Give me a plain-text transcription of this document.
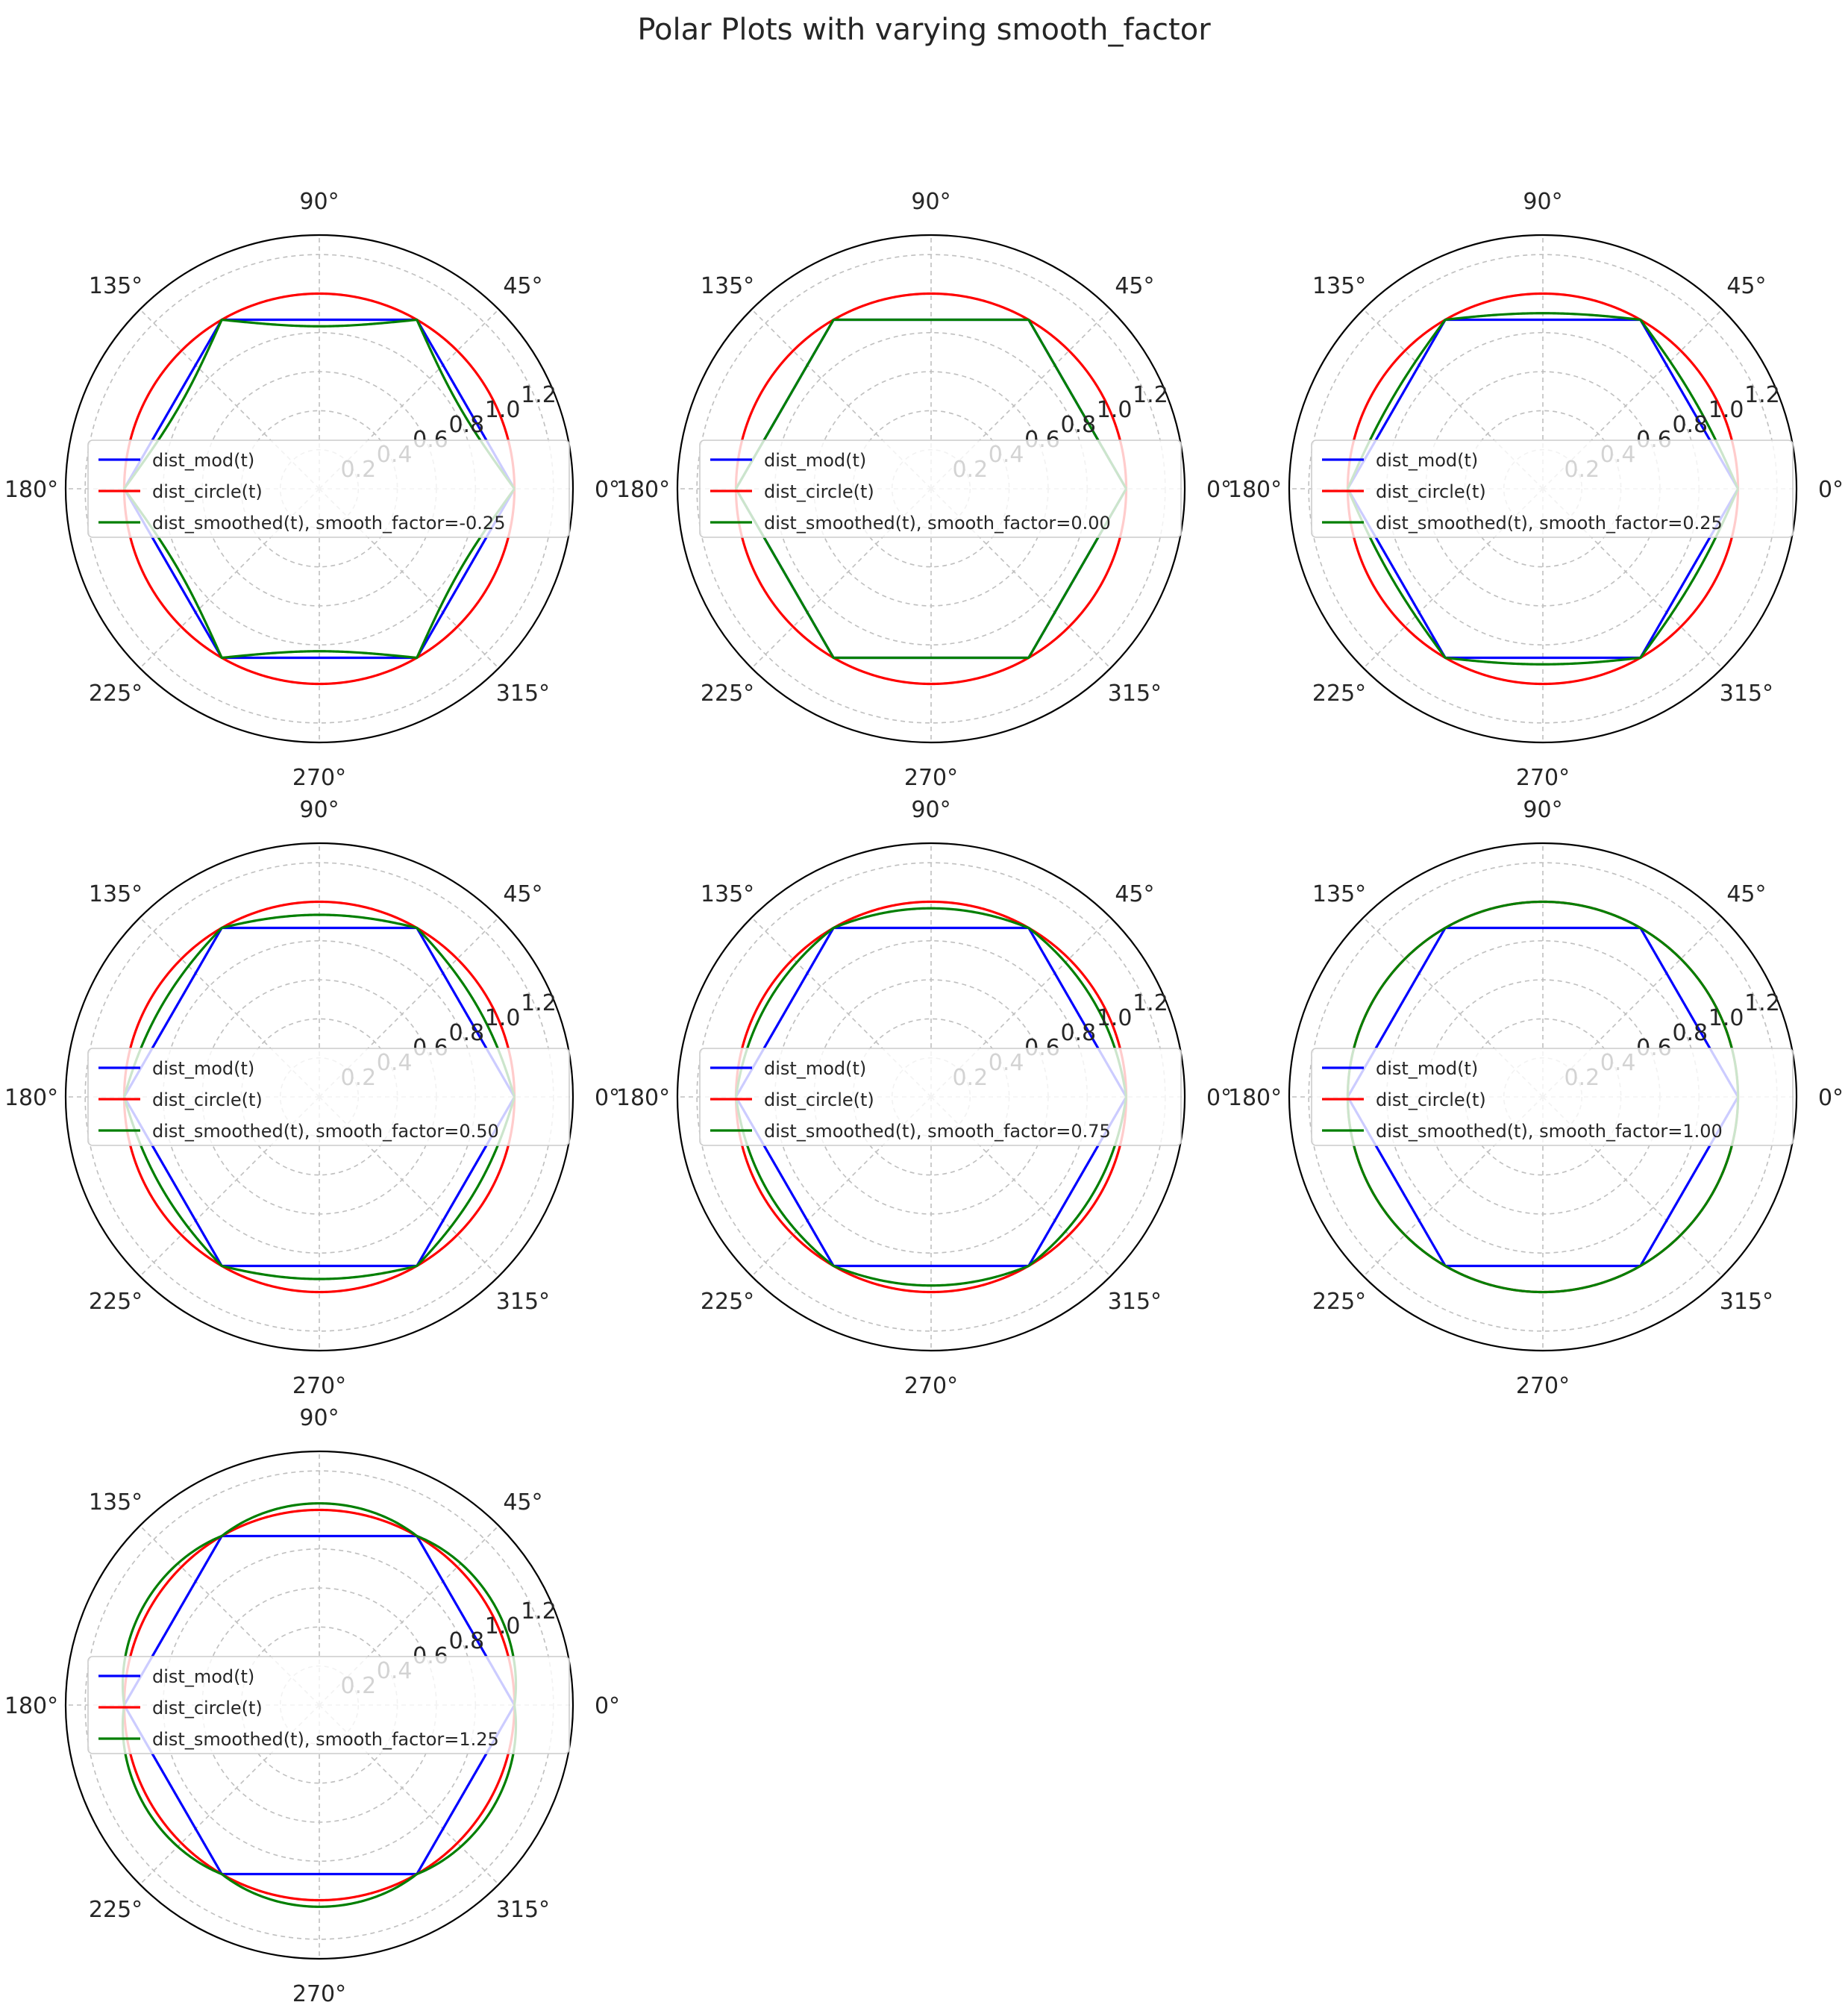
Polar Plots with varying smooth_factor
0°
45°
90°
135°
180°
225°
270°
315°
0.8
1.0
1.2
dist_mod(t)
dist_circle(t)
dist_smoothed(t), smooth_factor=-0.25
0°
45°
90°
135°
180°
225°
270°
315°
0.8
1.0
1.2
dist_mod(t)
dist_circle(t)
dist_smoothed(t), smooth_factor=0.00
0°
45°
90°
135°
180°
225°
270°
315°
0.8
1.0
1.2
dist_mod(t)
dist_circle(t)
dist_smoothed(t), smooth_factor=0.25
0°
45°
90°
135°
180°
225°
270°
315°
0.8
1.0
1.2
dist_mod(t)
dist_circle(t)
dist_smoothed(t), smooth_factor=0.50
0°
45°
90°
135°
180°
225°
270°
315°
0.8
1.0
1.2
dist_mod(t)
dist_circle(t)
dist_smoothed(t), smooth_factor=0.75
0°
45°
90°
135°
180°
225°
270°
315°
0.8
1.0
1.2
dist_mod(t)
dist_circle(t)
dist_smoothed(t), smooth_factor=1.00
0°
45°
90°
135°
180°
225°
270°
315°
0.8
1.0
1.2
dist_mod(t)
dist_circle(t)
dist_smoothed(t), smooth_factor=1.25
